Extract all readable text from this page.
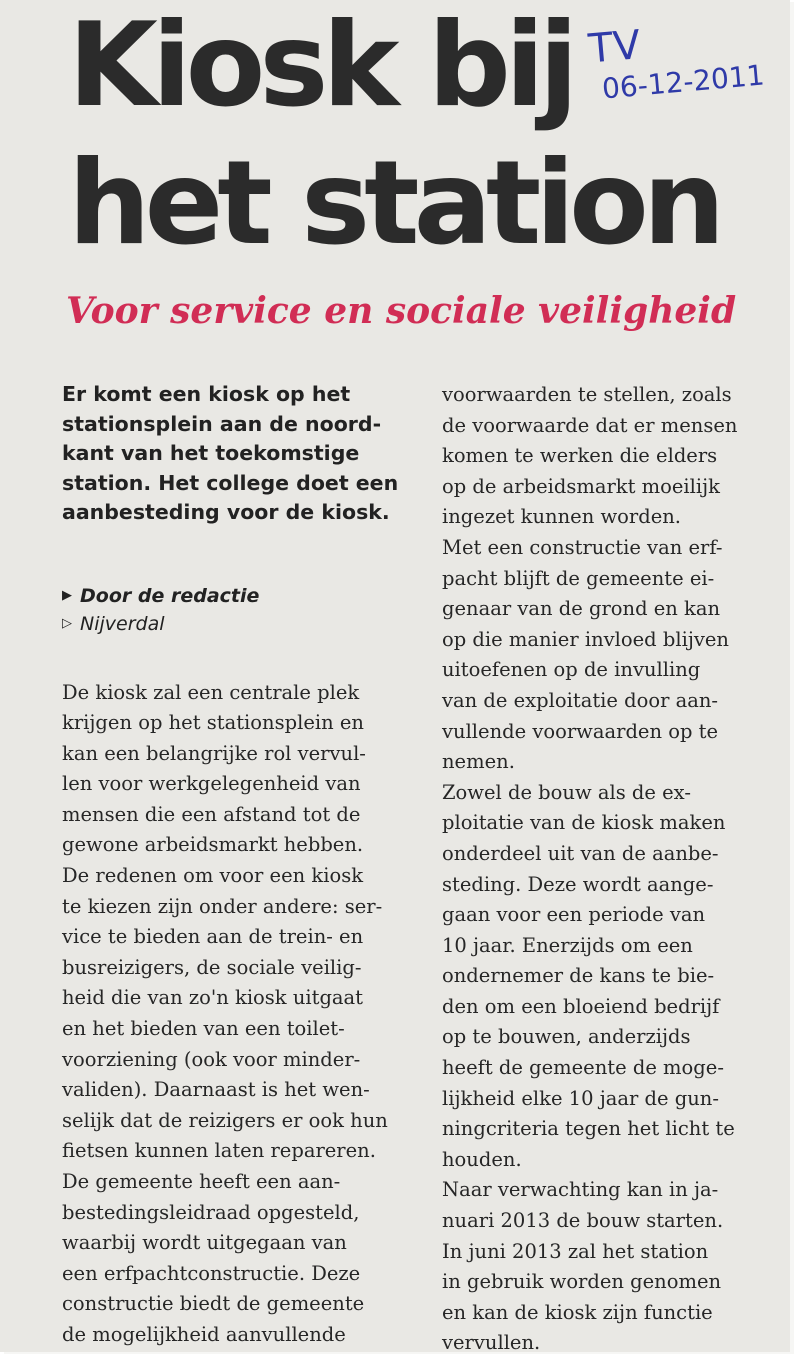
Kiosk bij
het station
TV
06-12-2011
Voor service en sociale veiligheid

Er komt een kiosk op het
stationsplein aan de noord-
kant van het toekomstige
station. Het college doet een
aanbesteding voor de kiosk.

▶ Door de redactie
▷ Nijverdal

De kiosk zal een centrale plek
krijgen op het stationsplein en
kan een belangrijke rol vervul-
len voor werkgelegenheid van
mensen die een afstand tot de
gewone arbeidsmarkt hebben.
De redenen om voor een kiosk
te kiezen zijn onder andere: ser-
vice te bieden aan de trein- en
busreizigers, de sociale veilig-
heid die van zo'n kiosk uitgaat
en het bieden van een toilet-
voorziening (ook voor minder-
validen). Daarnaast is het wen-
selijk dat de reizigers er ook hun
fietsen kunnen laten repareren.
De gemeente heeft een aan-
bestedingsleidraad opgesteld,
waarbij wordt uitgegaan van
een erfpachtconstructie. Deze
constructie biedt de gemeente
de mogelijkheid aanvullende

voorwaarden te stellen, zoals
de voorwaarde dat er mensen
komen te werken die elders
op de arbeidsmarkt moeilijk
ingezet kunnen worden.
Met een constructie van erf-
pacht blijft de gemeente ei-
genaar van de grond en kan
op die manier invloed blijven
uitoefenen op de invulling
van de exploitatie door aan-
vullende voorwaarden op te
nemen.
Zowel de bouw als de ex-
ploitatie van de kiosk maken
onderdeel uit van de aanbe-
steding. Deze wordt aange-
gaan voor een periode van
10 jaar. Enerzijds om een
ondernemer de kans te bie-
den om een bloeiend bedrijf
op te bouwen, anderzijds
heeft de gemeente de moge-
lijkheid elke 10 jaar de gun-
ningcriteria tegen het licht te
houden.
Naar verwachting kan in ja-
nuari 2013 de bouw starten.
In juni 2013 zal het station
in gebruik worden genomen
en kan de kiosk zijn functie
vervullen.
